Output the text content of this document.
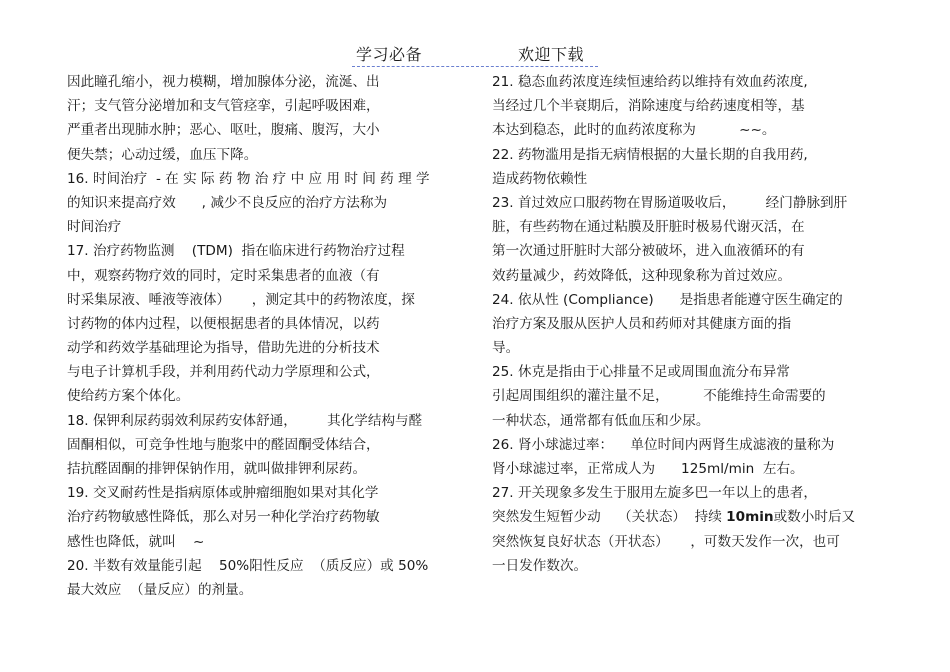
学习必备	欢迎下载
因此瞳孔缩小，视力模糊，增加腺体分泌，流涎、出
汗；支气管分泌增加和支气管痉挛，引起呼吸困难，
严重者出现肺水肿；恶心、呕吐，腹痛、腹泻，大小
便失禁；心动过缓，血压下降。
16. 时间治疗  - 在 实 际 药 物 治 疗 中 应 用 时 间 药 理 学
的知识来提高疗效      , 减少不良反应的治疗方法称为
时间治疗
17. 治疗药物监测    (TDM)  指在临床进行药物治疗过程
中，观察药物疗效的同时，定时采集患者的血液（有
时采集尿液、唾液等液体）     ，测定其中的药物浓度，探
讨药物的体内过程，以便根据患者的具体情况，以药
动学和药效学基础理论为指导，借助先进的分析技术
与电子计算机手段，并利用药代动力学原理和公式，
使给药方案个体化。
18. 保钾利尿药弱效利尿药安体舒通，       其化学结构与醛
固酮相似，可竞争性地与胞浆中的醛固酮受体结合，
拮抗醛固酮的排钾保钠作用，就叫做排钾利尿药。
19. 交叉耐药性是指病原体或肿瘤细胞如果对其化学
治疗药物敏感性降低，那么对另一种化学治疗药物敏
感性也降低，就叫    ~
20. 半数有效量能引起    50%阳性反应  （质反应）或 50%
最大效应  （量反应）的剂量。
21. 稳态血药浓度连续恒速给药以维持有效血药浓度,
当经过几个半衰期后，消除速度与给药速度相等，基
本达到稳态，此时的血药浓度称为          ~~。
22. 药物滥用是指无病情根据的大量长期的自我用药,
造成药物依赖性
23. 首过效应口服药物在胃肠道吸收后，       经门静脉到肝
脏，有些药物在通过粘膜及肝脏时极易代谢灭活，在
第一次通过肝脏时大部分被破坏，进入血液循环的有
效药量减少，药效降低，这种现象称为首过效应。
24. 依从性 (Compliance)      是指患者能遵守医生确定的
治疗方案及服从医护人员和药师对其健康方面的指
导。
25. 休克是指由于心排量不足或周围血流分布异常
引起周围组织的灌注量不足，        不能维持生命需要的
一种状态，通常都有低血压和少尿。
26. 肾小球滤过率：    单位时间内两肾生成滤液的量称为
肾小球滤过率，正常成人为      125ml/min  左右。
27. 开关现象多发生于服用左旋多巴一年以上的患者，
突然发生短暂少动    （关状态）  持续 10min或数小时后又
突然恢复良好状态（开状态）     ，可数天发作一次，也可
一日发作数次。
